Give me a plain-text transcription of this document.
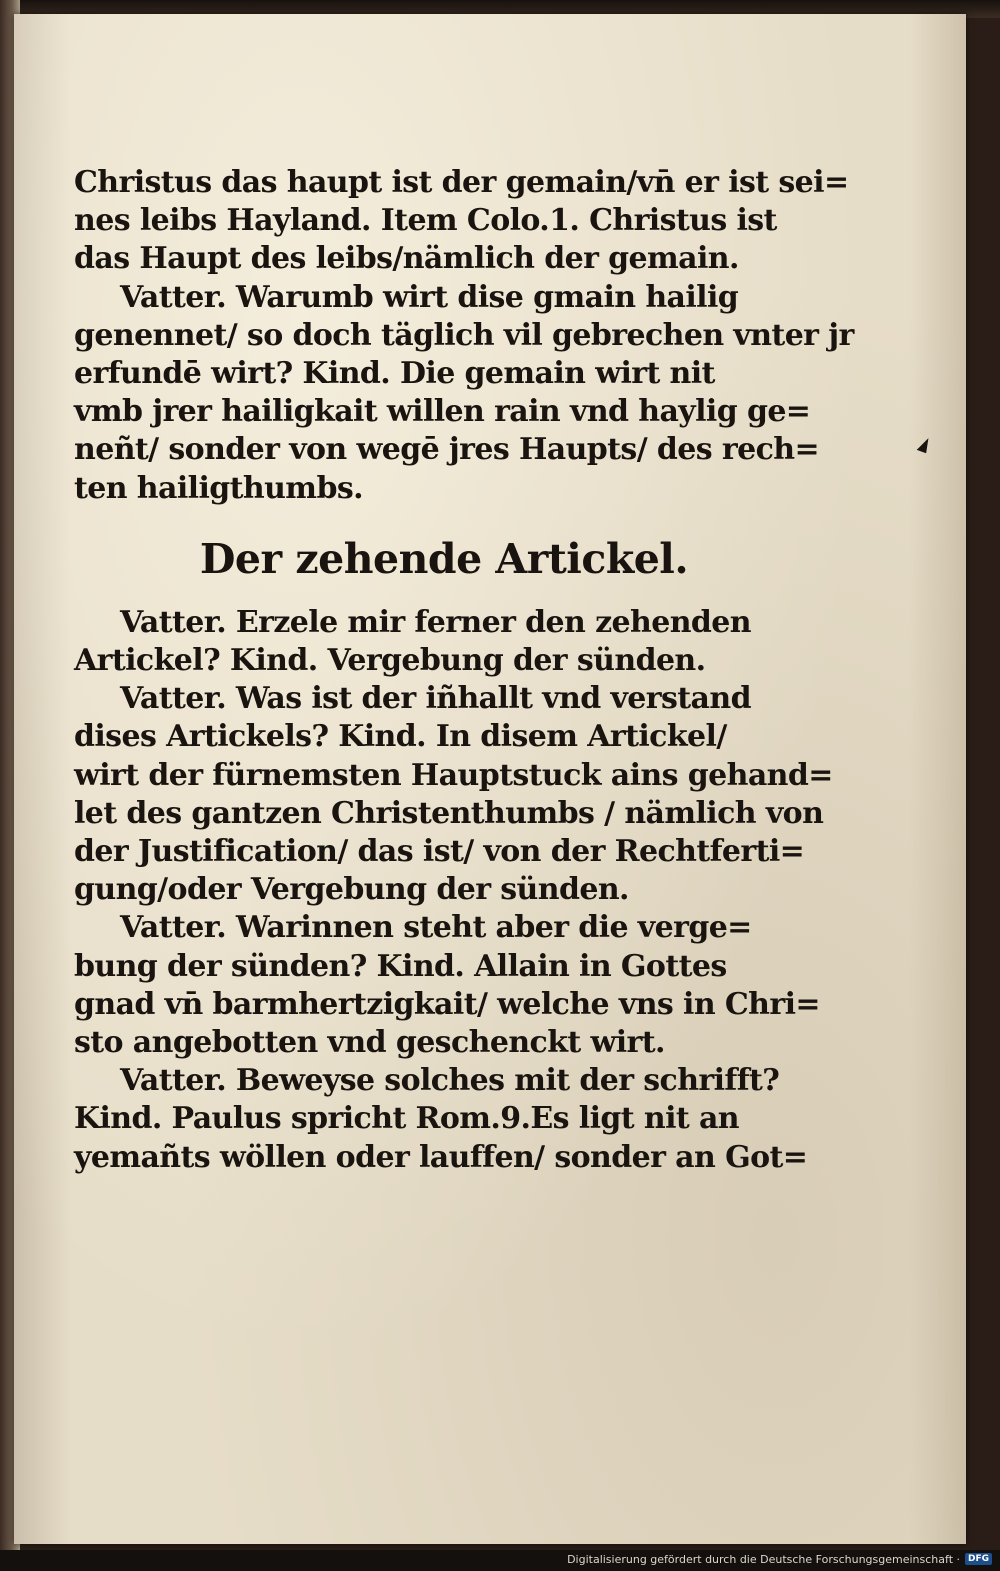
Christus das haupt ist der gemain/vn̄ er ist sei=
nes leibs Hayland. Item Colo.1. Christus ist
das Haupt des leibs/nämlich der gemain.
Vatter. Warumb wirt dise gmain hailig
genennet/ so doch täglich vil gebrechen vnter jr
erfundē wirt? Kind. Die gemain wirt nit
vmb jrer hailigkait willen rain vnd haylig ge=
neñt/ sonder von wegē jres Haupts/ des rech=
ten hailigthumbs.
Der zehende Artickel.
Vatter. Erzele mir ferner den zehenden
Artickel? Kind. Vergebung der sünden.
Vatter. Was ist der iñhallt vnd verstand
dises Artickels? Kind. In disem Artickel/
wirt der fürnemsten Hauptstuck ains gehand=
let des gantzen Christenthumbs / nämlich von
der Justification/ das ist/ von der Rechtferti=
gung/oder Vergebung der sünden.
Vatter. Warinnen steht aber die verge=
bung der sünden? Kind. Allain in Gottes
gnad vn̄ barmhertzigkait/ welche vns in Chri=
sto angebotten vnd geschenckt wirt.
Vatter. Beweyse solches mit der schrifft?
Kind. Paulus spricht Rom.9.Es ligt nit an
yemañts wöllen oder lauffen/ sonder an Got=
Digitalisierung gefördert durch die Deutsche Forschungsgemeinschaft · DFG
